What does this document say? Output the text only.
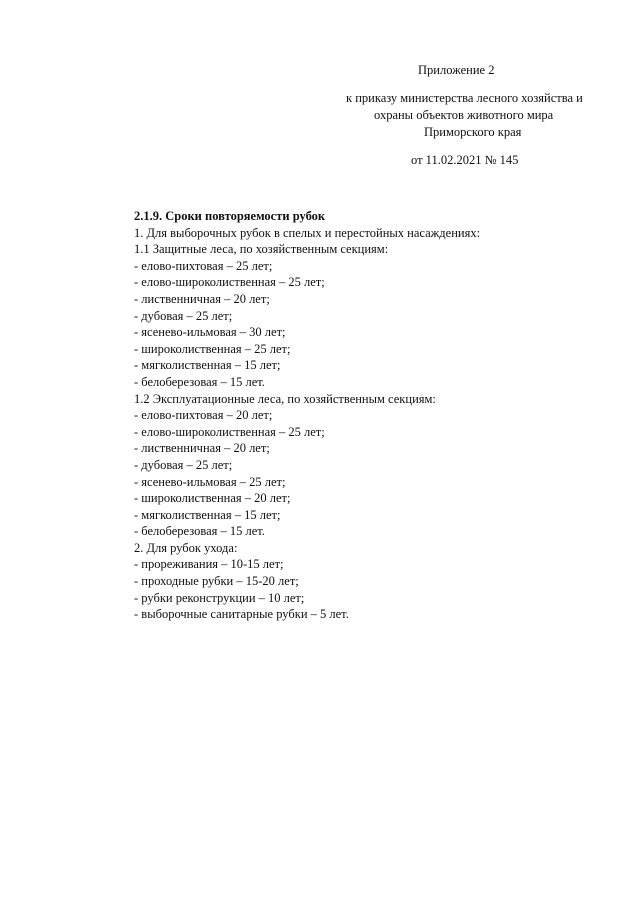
Приложение 2
к приказу министерства лесного хозяйства и
охраны объектов животного мира
Приморского края
от 11.02.2021 № 145
2.1.9. Сроки повторяемости рубок
1. Для выборочных рубок в спелых и перестойных насаждениях:
1.1 Защитные леса, по хозяйственным секциям:
- елово-пихтовая – 25 лет;
- елово-широколиственная – 25 лет;
- лиственничная – 20 лет;
- дубовая – 25 лет;
- ясеневo-ильмовая – 30 лет;
- широколиственная – 25 лет;
- мягколиственная – 15 лет;
- белоберезовая – 15 лет.
1.2 Эксплуатационные леса, по хозяйственным секциям:
- елово-пихтовая – 20 лет;
- елово-широколиственная – 25 лет;
- лиственничная – 20 лет;
- дубовая – 25 лет;
- ясенево-ильмовая – 25 лет;
- широколиственная – 20 лет;
- мягколиственная – 15 лет;
- белоберезовая – 15 лет.
2. Для рубок ухода:
- прореживания – 10-15 лет;
- проходные рубки – 15-20 лет;
- рубки реконструкции – 10 лет;
- выборочные санитарные рубки – 5 лет.
